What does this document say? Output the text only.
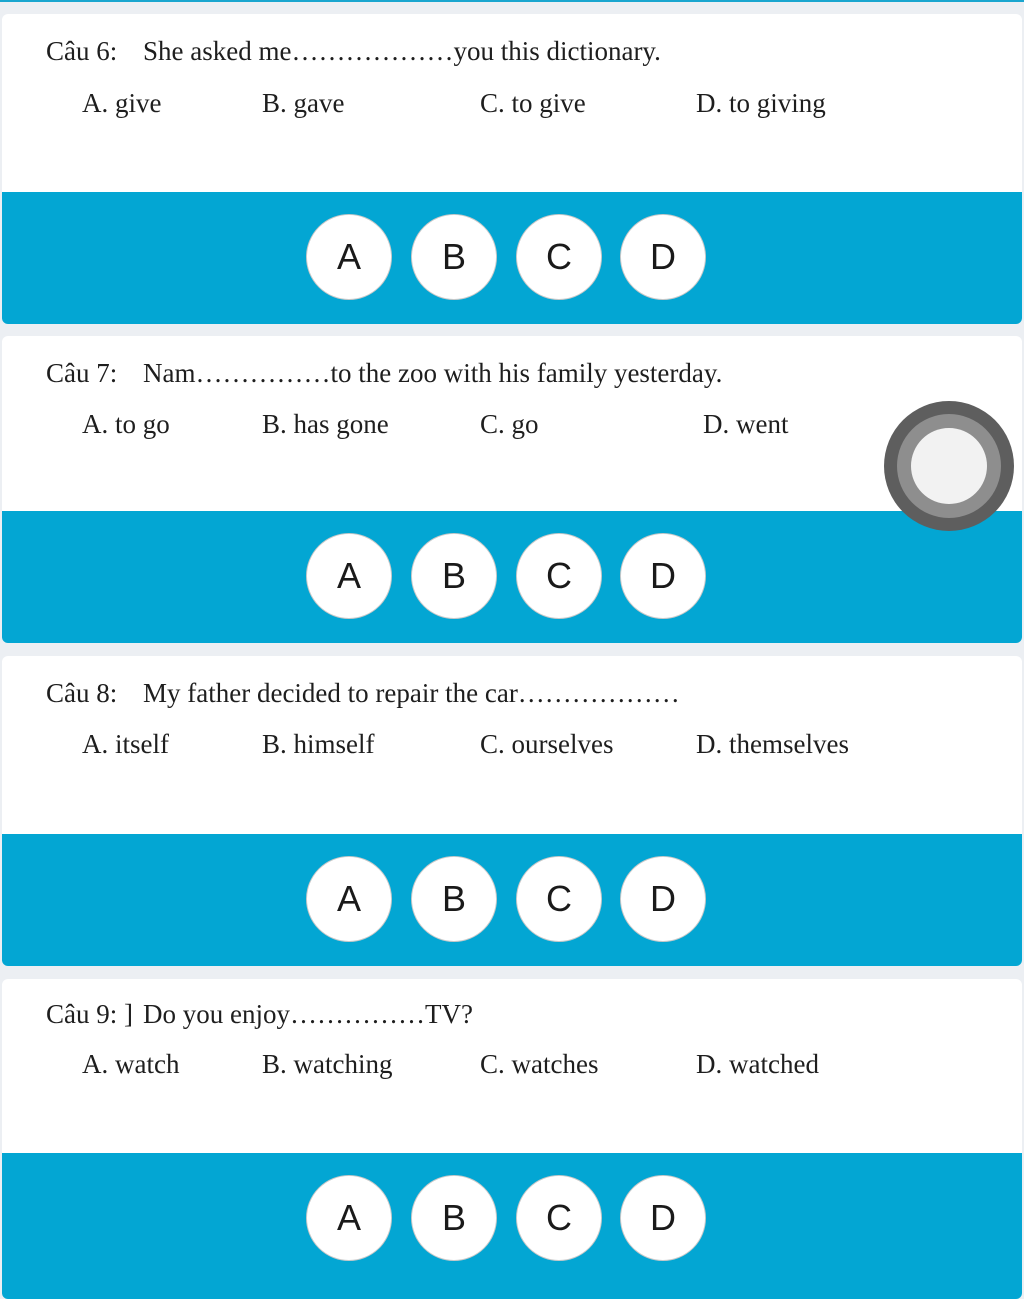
Câu 6: She asked me………………you this dictionary.
A. give	B. gave	C. to give	D. to giving
A	B	C	D
Câu 7: Nam……………to the zoo with his family yesterday.
A. to go	B. has gone	C. go	D. went
A	B	C	D
Câu 8: My father decided to repair the car………………
A. itself	B. himself	C. ourselves	D. themselves
A	B	C	D
Câu 9: ] Do you enjoy……………TV?
A. watch	B. watching	C. watches	D. watched
A	B	C	D
